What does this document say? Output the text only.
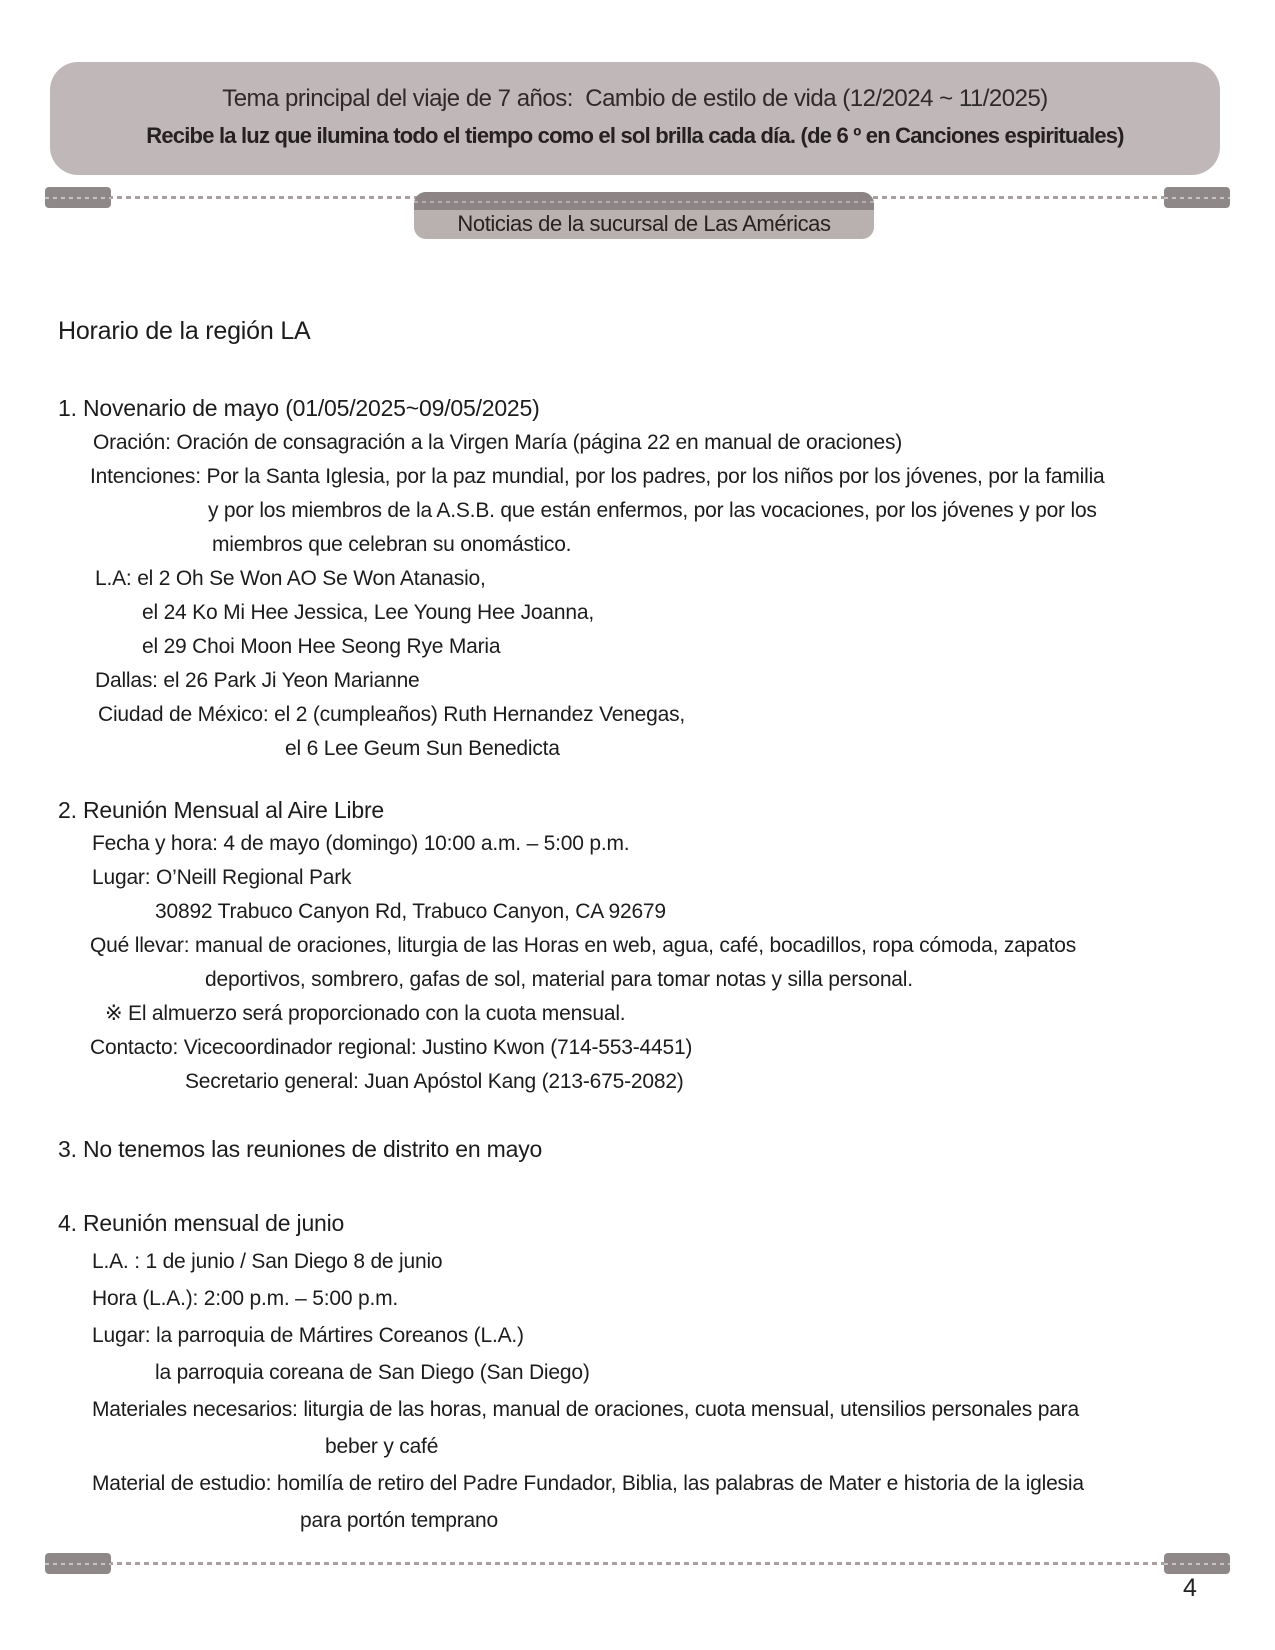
Tema principal del viaje de 7 años:  Cambio de estilo de vida (12/2024 ~ 11/2025)
Recibe la luz que ilumina todo el tiempo como el sol brilla cada día. (de 6 º en Canciones espirituales)
Noticias de la sucursal de Las Américas
Horario de la región LA
1. Novenario de mayo (01/05/2025~09/05/2025)
Oración: Oración de consagración a la Virgen María (página 22 en manual de oraciones)
Intenciones: Por la Santa Iglesia, por la paz mundial, por los padres, por los niños por los jóvenes, por la familia
y por los miembros de la A.S.B. que están enfermos, por las vocaciones, por los jóvenes y por los
miembros que celebran su onomástico.
L.A: el 2 Oh Se Won AO Se Won Atanasio,
el 24 Ko Mi Hee Jessica, Lee Young Hee Joanna,
el 29 Choi Moon Hee Seong Rye Maria
Dallas: el 26 Park Ji Yeon Marianne
Ciudad de México: el 2 (cumpleaños) Ruth Hernandez Venegas,
el 6 Lee Geum Sun Benedicta
2. Reunión Mensual al Aire Libre
Fecha y hora: 4 de mayo (domingo) 10:00 a.m. – 5:00 p.m.
Lugar: O’Neill Regional Park
30892 Trabuco Canyon Rd, Trabuco Canyon, CA 92679
Qué llevar: manual de oraciones, liturgia de las Horas en web, agua, café, bocadillos, ropa cómoda, zapatos
deportivos, sombrero, gafas de sol, material para tomar notas y silla personal.
※ El almuerzo será proporcionado con la cuota mensual.
Contacto: Vicecoordinador regional: Justino Kwon (714-553-4451)
Secretario general: Juan Apóstol Kang (213-675-2082)
3. No tenemos las reuniones de distrito en mayo
4. Reunión mensual de junio
L.A. : 1 de junio / San Diego 8 de junio
Hora (L.A.): 2:00 p.m. – 5:00 p.m.
Lugar: la parroquia de Mártires Coreanos (L.A.)
la parroquia coreana de San Diego (San Diego)
Materiales necesarios: liturgia de las horas, manual de oraciones, cuota mensual, utensilios personales para
beber y café
Material de estudio: homilía de retiro del Padre Fundador, Biblia, las palabras de Mater e historia de la iglesia
para portón temprano
4
